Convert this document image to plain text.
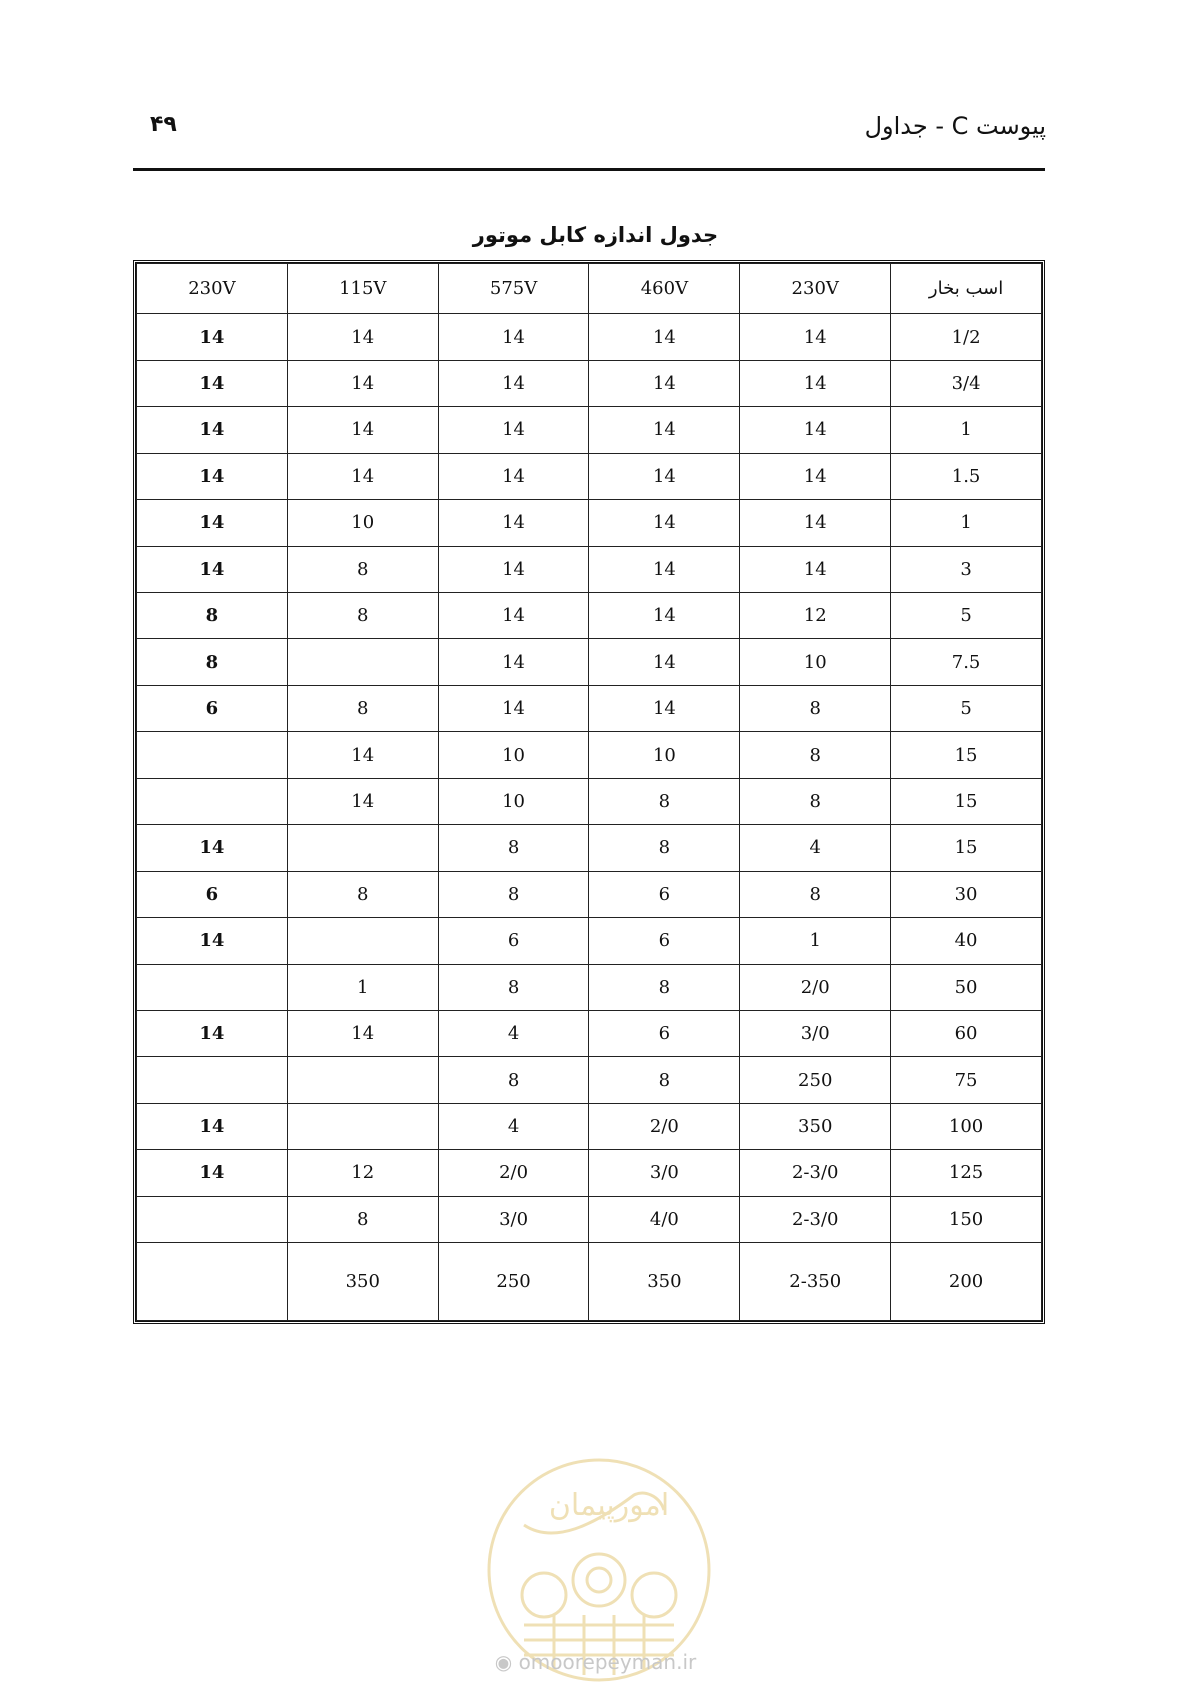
پیوست C - جداول
۴۹
جدول اندازه کابل موتور
230V	115V	575V	460V	230V	اسب بخار
14	14	14	14	14	1/2
14	14	14	14	14	3/4
14	14	14	14	14	1
14	14	14	14	14	1.5
14	10	14	14	14	1
14	8	14	14	14	3
8	8	14	14	12	5
8		14	14	10	7.5
6	8	14	14	8	5
	14	10	10	8	15
	14	10	8	8	15
14		8	8	4	15
6	8	8	6	8	30
14		6	6	1	40
	1	8	8	2/0	50
14	14	4	6	3/0	60
		8	8	250	75
14		4	2/0	350	100
14	12	2/0	3/0	2-3/0	125
	8	3/0	4/0	2-3/0	150
	350	250	350	2-350	200
امورپیمان
◉ omoorepeyman.ir
